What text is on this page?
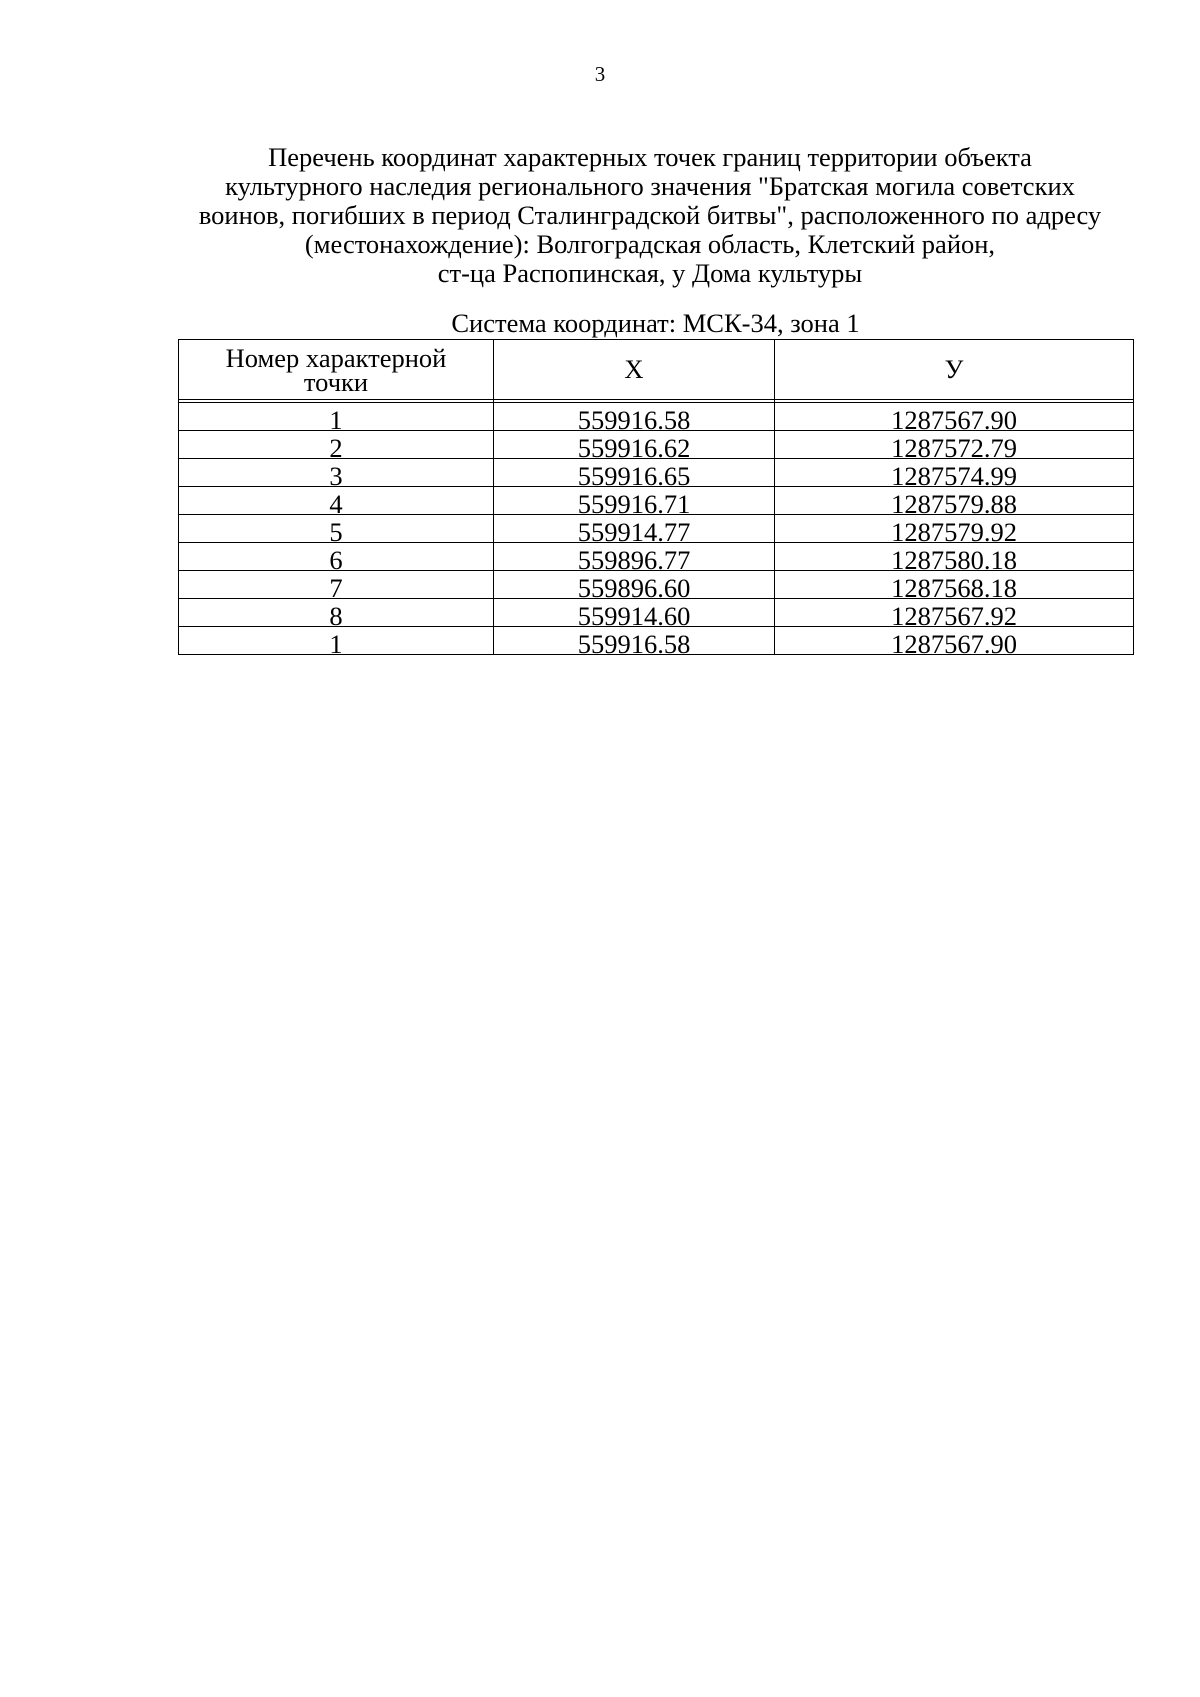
3
Перечень координат характерных точек границ территории объекта
культурного наследия регионального значения "Братская могила советских
воинов, погибших в период Сталинградской битвы", расположенного по адресу
(местонахождение): Волгоградская область, Клетский район,
ст-ца Распопинская, у Дома культуры
Система координат: МСК-34, зона 1
Номер характерной точки	X	У

1	559916.58	1287567.90
2	559916.62	1287572.79
3	559916.65	1287574.99
4	559916.71	1287579.88
5	559914.77	1287579.92
6	559896.77	1287580.18
7	559896.60	1287568.18
8	559914.60	1287567.92
1	559916.58	1287567.90
